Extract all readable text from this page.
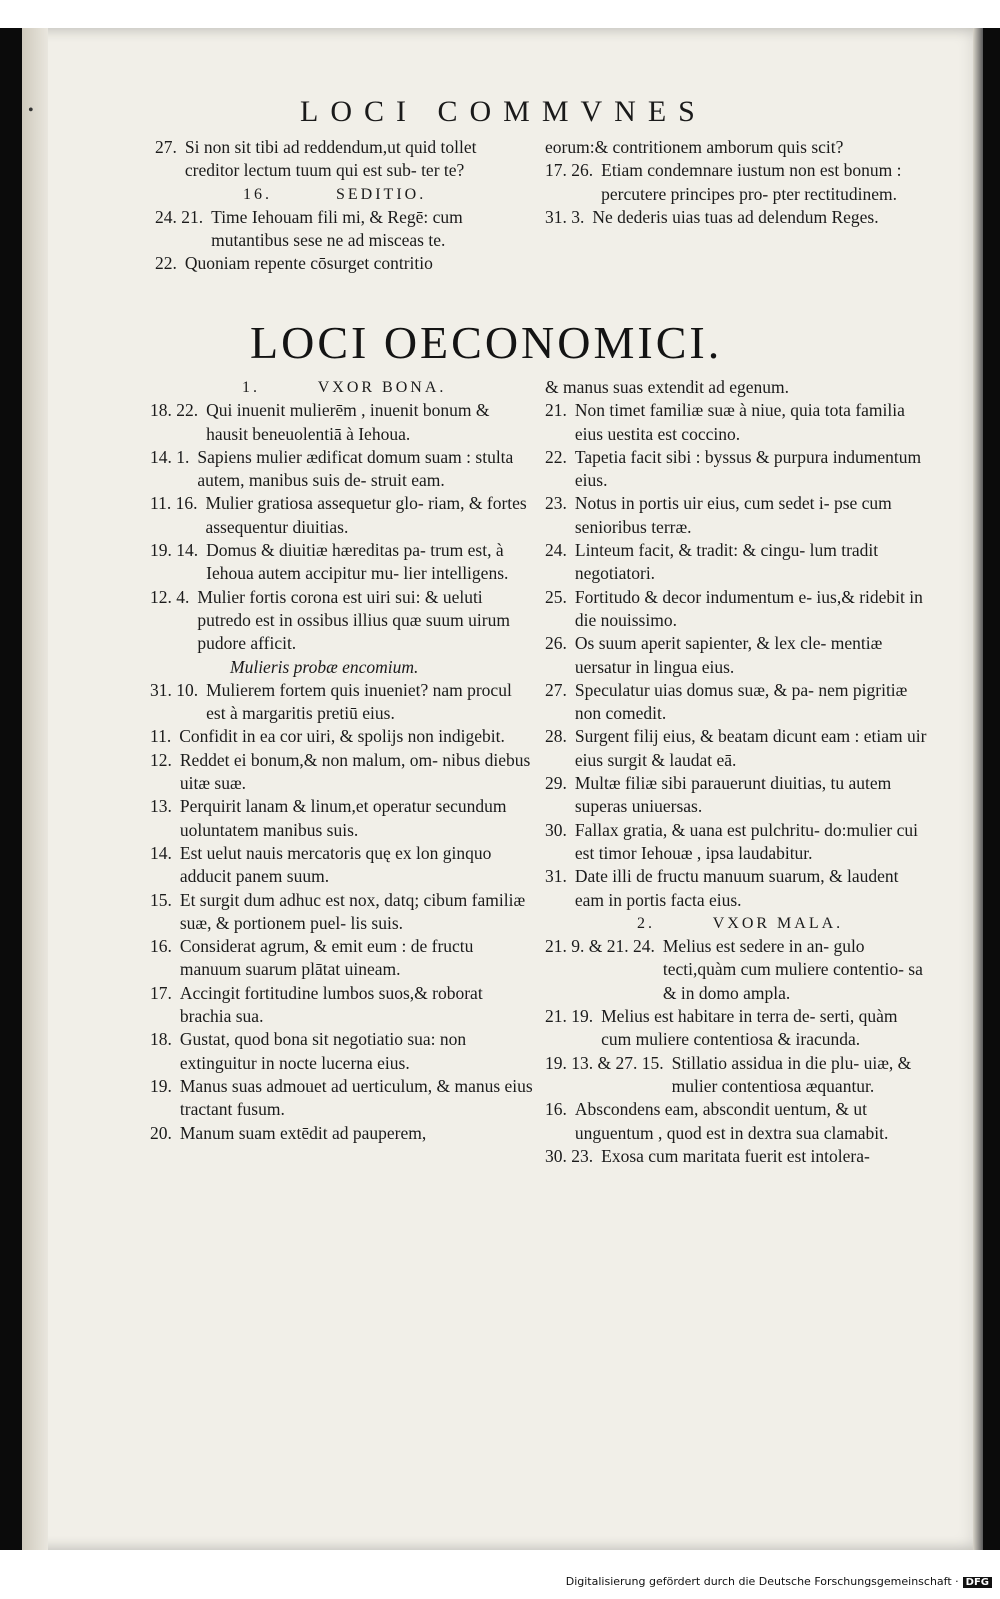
•	LOCI COMMVNES
27. Si non sit tibi ad reddendum,ut quid tollet creditor lectum tuum qui est sub- ter te?
16.	SEDITIO.
24. 21. Time Iehouam fili mi, & Regē: cum mutantibus sese ne ad misceas te.
22. Quoniam repente cōsurget contritio
eorum:& contritionem amborum quis scit?
17. 26. Etiam condemnare iustum non est bonum : percutere principes pro- pter rectitudinem.
31. 3. Ne dederis uias tuas ad delendum Reges.
LOCI OECONOMICI.
1.	VXOR BONA.
18. 22. Qui inuenit mulierēm , inuenit bonum & hausit beneuolentiā à Iehoua.
14. 1. Sapiens mulier ædificat domum suam : stulta autem, manibus suis de- struit eam.
11. 16. Mulier gratiosa assequetur glo- riam, & fortes assequentur diuitias.
19. 14. Domus & diuitiæ hæreditas pa- trum est, à Iehoua autem accipitur mu- lier intelligens.
12. 4. Mulier fortis corona est uiri sui: & ueluti putredo est in ossibus illius quæ suum uirum pudore afficit.
Mulieris probæ encomium.
31. 10. Mulierem fortem quis inueniet? nam procul est à margaritis pretiū eius.
11. Confidit in ea cor uiri, & spolijs non indigebit.
12. Reddet ei bonum,& non malum, om- nibus diebus uitæ suæ.
13. Perquirit lanam & linum,et operatur secundum uoluntatem manibus suis.
14. Est uelut nauis mercatoris quę ex lon ginquo adducit panem suum.
15. Et surgit dum adhuc est nox, datq; cibum familiæ suæ, & portionem puel- lis suis.
16. Considerat agrum, & emit eum : de fructu manuum suarum plātat uineam.
17. Accingit fortitudine lumbos suos,& roborat brachia sua.
18. Gustat, quod bona sit negotiatio sua: non extinguitur in nocte lucerna eius.
19. Manus suas admouet ad uerticulum, & manus eius tractant fusum.
20. Manum suam extēdit ad pauperem,
& manus suas extendit ad egenum.
21. Non timet familiæ suæ à niue, quia tota familia eius uestita est coccino.
22. Tapetia facit sibi : byssus & purpura indumentum eius.
23. Notus in portis uir eius, cum sedet i- pse cum senioribus terræ.
24. Linteum facit, & tradit: & cingu- lum tradit negotiatori.
25. Fortitudo & decor indumentum e- ius,& ridebit in die nouissimo.
26. Os suum aperit sapienter, & lex cle- mentiæ uersatur in lingua eius.
27. Speculatur uias domus suæ, & pa- nem pigritiæ non comedit.
28. Surgent filij eius, & beatam dicunt eam : etiam uir eius surgit & laudat eā.
29. Multæ filiæ sibi parauerunt diuitias, tu autem superas uniuersas.
30. Fallax gratia, & uana est pulchritu- do:mulier cui est timor Iehouæ , ipsa laudabitur.
31. Date illi de fructu manuum suarum, & laudent eam in portis facta eius.
2.	VXOR MALA.
21. 9. & 21. 24. Melius est sedere in an- gulo tecti,quàm cum muliere contentio- sa & in domo ampla.
21. 19. Melius est habitare in terra de- serti, quàm cum muliere contentiosa & iracunda.
19. 13. & 27. 15. Stillatio assidua in die plu- uiæ, & mulier contentiosa æquantur.
16. Abscondens eam, abscondit uentum, & ut unguentum , quod est in dextra sua clamabit.
30. 23. Exosa cum maritata fuerit est intolera-
Digitalisierung gefördert durch die Deutsche Forschungsgemeinschaft · DFG
